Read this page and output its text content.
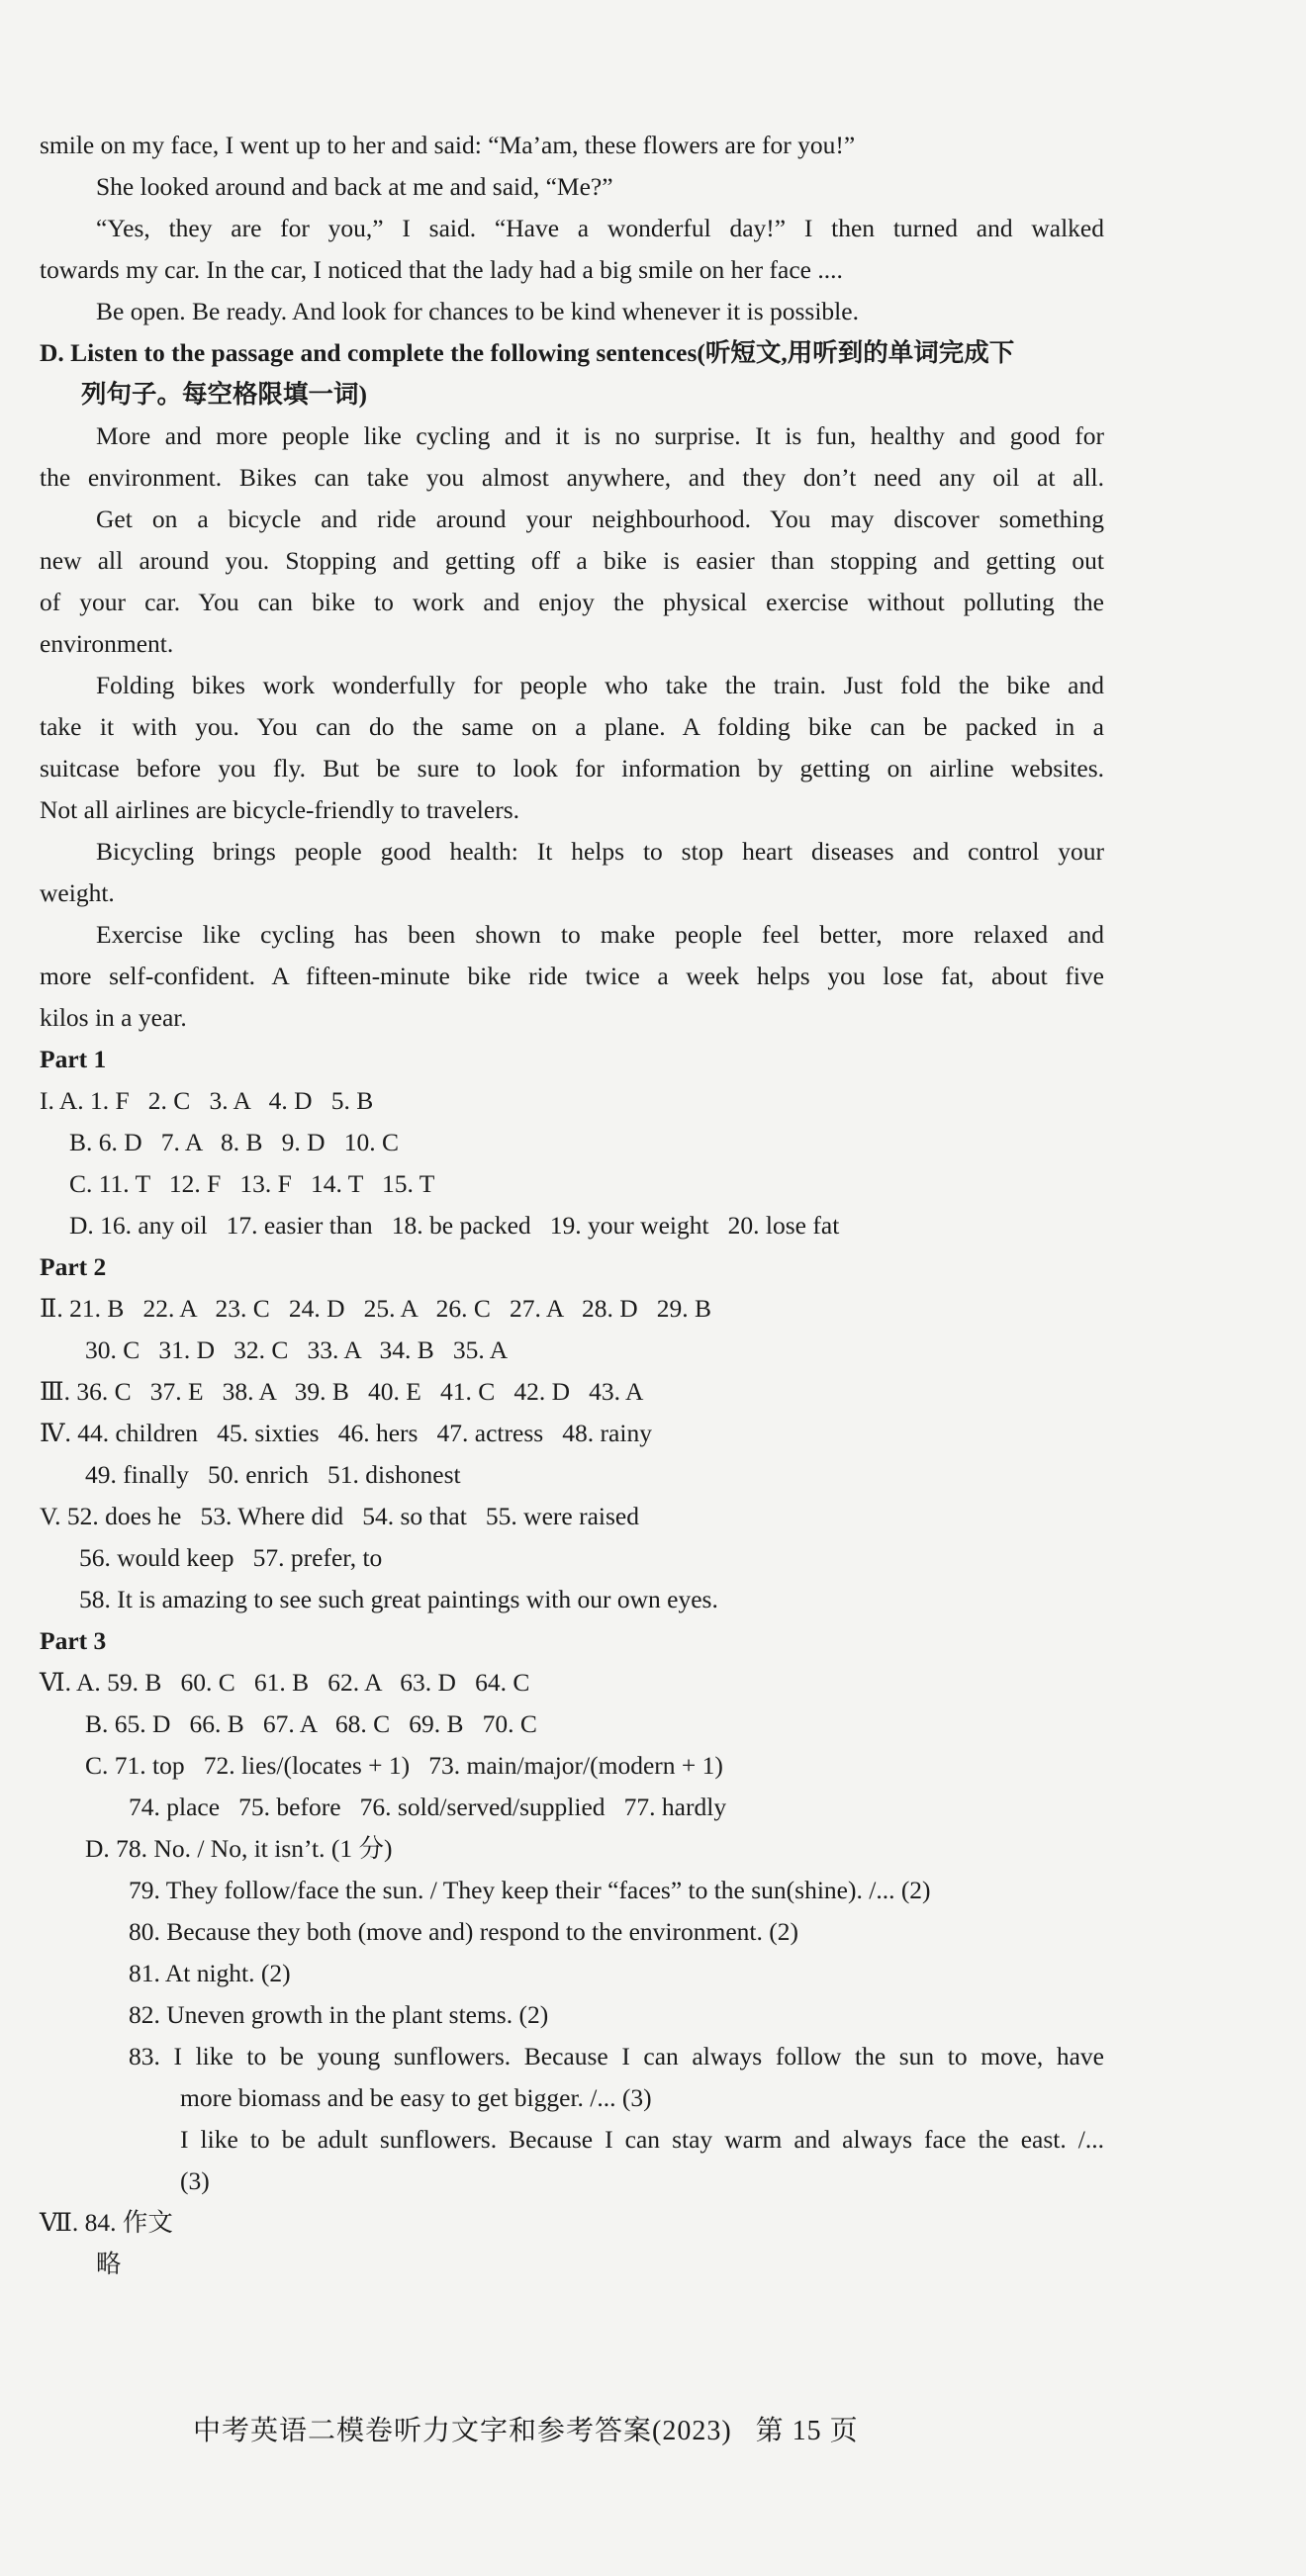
smile on my face, I went up to her and said: “Ma’am, these flowers are for you!”
She looked around and back at me and said, “Me?”
“Yes, they are for you,” I said. “Have a wonderful day!” I then turned and walked
towards my car. In the car, I noticed that the lady had a big smile on her face ....
Be open. Be ready. And look for chances to be kind whenever it is possible.
D. Listen to the passage and complete the following sentences(听短文,用听到的单词完成下
列句子。每空格限填一词)
More and more people like cycling and it is no surprise. It is fun, healthy and good for
the environment. Bikes can take you almost anywhere, and they don’t need any oil at all.
Get on a bicycle and ride around your neighbourhood. You may discover something
new all around you. Stopping and getting off a bike is easier than stopping and getting out
of your car. You can bike to work and enjoy the physical exercise without polluting the
environment.
Folding bikes work wonderfully for people who take the train. Just fold the bike and
take it with you. You can do the same on a plane. A folding bike can be packed in a
suitcase before you fly. But be sure to look for information by getting on airline websites.
Not all airlines are bicycle-friendly to travelers.
Bicycling brings people good health: It helps to stop heart diseases and control your
weight.
Exercise like cycling has been shown to make people feel better, more relaxed and
more self-confident. A fifteen-minute bike ride twice a week helps you lose fat, about five
kilos in a year.
Part 1
I. A. 1. F   2. C   3. A   4. D   5. B
B. 6. D   7. A   8. B   9. D   10. C
C. 11. T   12. F   13. F   14. T   15. T
D. 16. any oil   17. easier than   18. be packed   19. your weight   20. lose fat
Part 2
Ⅱ. 21. B   22. A   23. C   24. D   25. A   26. C   27. A   28. D   29. B
30. C   31. D   32. C   33. A   34. B   35. A
Ⅲ. 36. C   37. E   38. A   39. B   40. E   41. C   42. D   43. A
Ⅳ. 44. children   45. sixties   46. hers   47. actress   48. rainy
49. finally   50. enrich   51. dishonest
V. 52. does he   53. Where did   54. so that   55. were raised
56. would keep   57. prefer, to
58. It is amazing to see such great paintings with our own eyes.
Part 3
Ⅵ. A. 59. B   60. C   61. B   62. A   63. D   64. C
B. 65. D   66. B   67. A   68. C   69. B   70. C
C. 71. top   72. lies/(locates + 1)   73. main/major/(modern + 1)
74. place   75. before   76. sold/served/supplied   77. hardly
D. 78. No. / No, it isn’t. (1 分)
79. They follow/face the sun. / They keep their “faces” to the sun(shine). /... (2)
80. Because they both (move and) respond to the environment. (2)
81. At night. (2)
82. Uneven growth in the plant stems. (2)
83. I like to be young sunflowers. Because I can always follow the sun to move, have
more biomass and be easy to get bigger. /... (3)
I like to be adult sunflowers. Because I can stay warm and always face the east. /...
(3)
Ⅶ. 84. 作文
略
中考英语二模卷听力文字和参考答案(2023)   第 15 页
